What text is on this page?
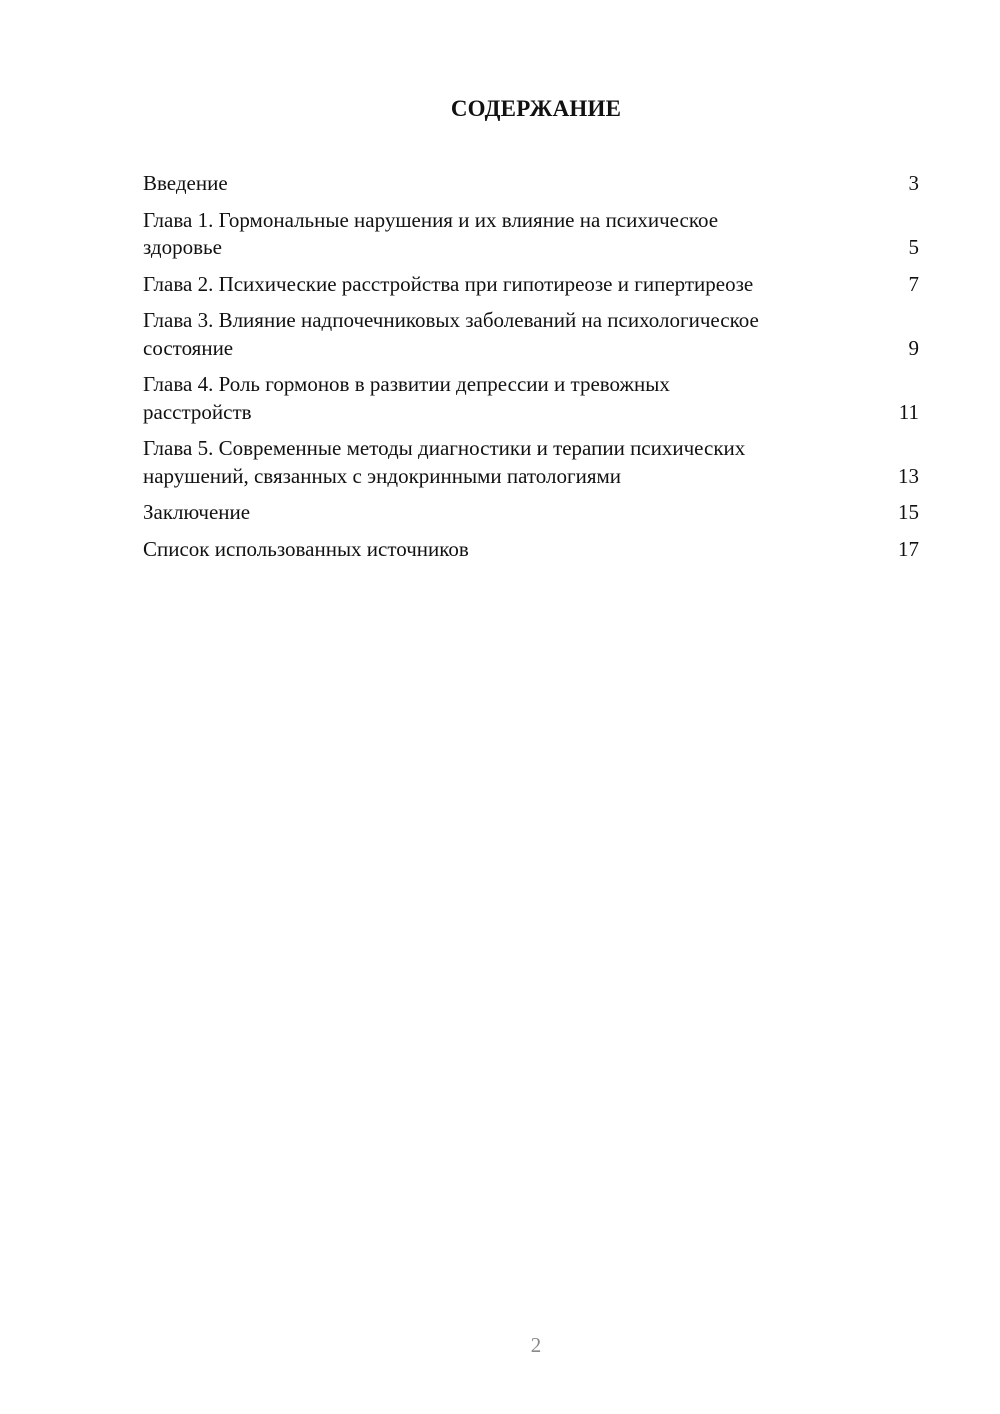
СОДЕРЖАНИЕ
Введение	3
Глава 1. Гормональные нарушения и их влияние на психическое здоровье	5
Глава 2. Психические расстройства при гипотиреозе и гипертиреозе	7
Глава 3. Влияние надпочечниковых заболеваний на психологическое состояние	9
Глава 4. Роль гормонов в развитии депрессии и тревожных расстройств	11
Глава 5. Современные методы диагностики и терапии психических нарушений, связанных с эндокринными патологиями	13
Заключение	15
Список использованных источников	17
2
